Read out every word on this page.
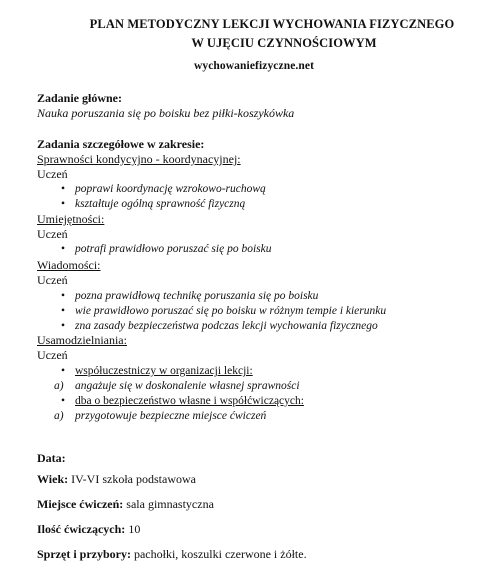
PLAN METODYCZNY LEKCJI WYCHOWANIA FIZYCZNEGO
W UJĘCIU CZYNNOŚCIOWYM
wychowaniefizyczne.net
Zadanie główne:
Nauka poruszania się po boisku bez piłki-koszykówka
Zadania szczegółowe w zakresie:
Sprawności kondycyjno - koordynacyjnej:
Uczeń
• poprawi koordynację wzrokowo-ruchową
• kształtuje ogólną sprawność fizyczną
Umiejętności:
Uczeń
• potrafi prawidłowo poruszać się po boisku
Wiadomości:
Uczeń
• pozna prawidłową technikę poruszania się po boisku
• wie prawidłowo poruszać się po boisku w różnym tempie i kierunku
• zna zasady bezpieczeństwa podczas lekcji wychowania fizycznego
Usamodzielniania:
Uczeń
• współuczestniczy w organizacji lekcji:
a) angażuje się w doskonalenie własnej sprawności
• dba o bezpieczeństwo własne i współćwiczących:
a) przygotowuje bezpieczne miejsce ćwiczeń
Data:
Wiek: IV-VI szkoła podstawowa
Miejsce ćwiczeń: sala gimnastyczna
Ilość ćwiczących: 10
Sprzęt i przybory: pachołki, koszulki czerwone i żółte.
